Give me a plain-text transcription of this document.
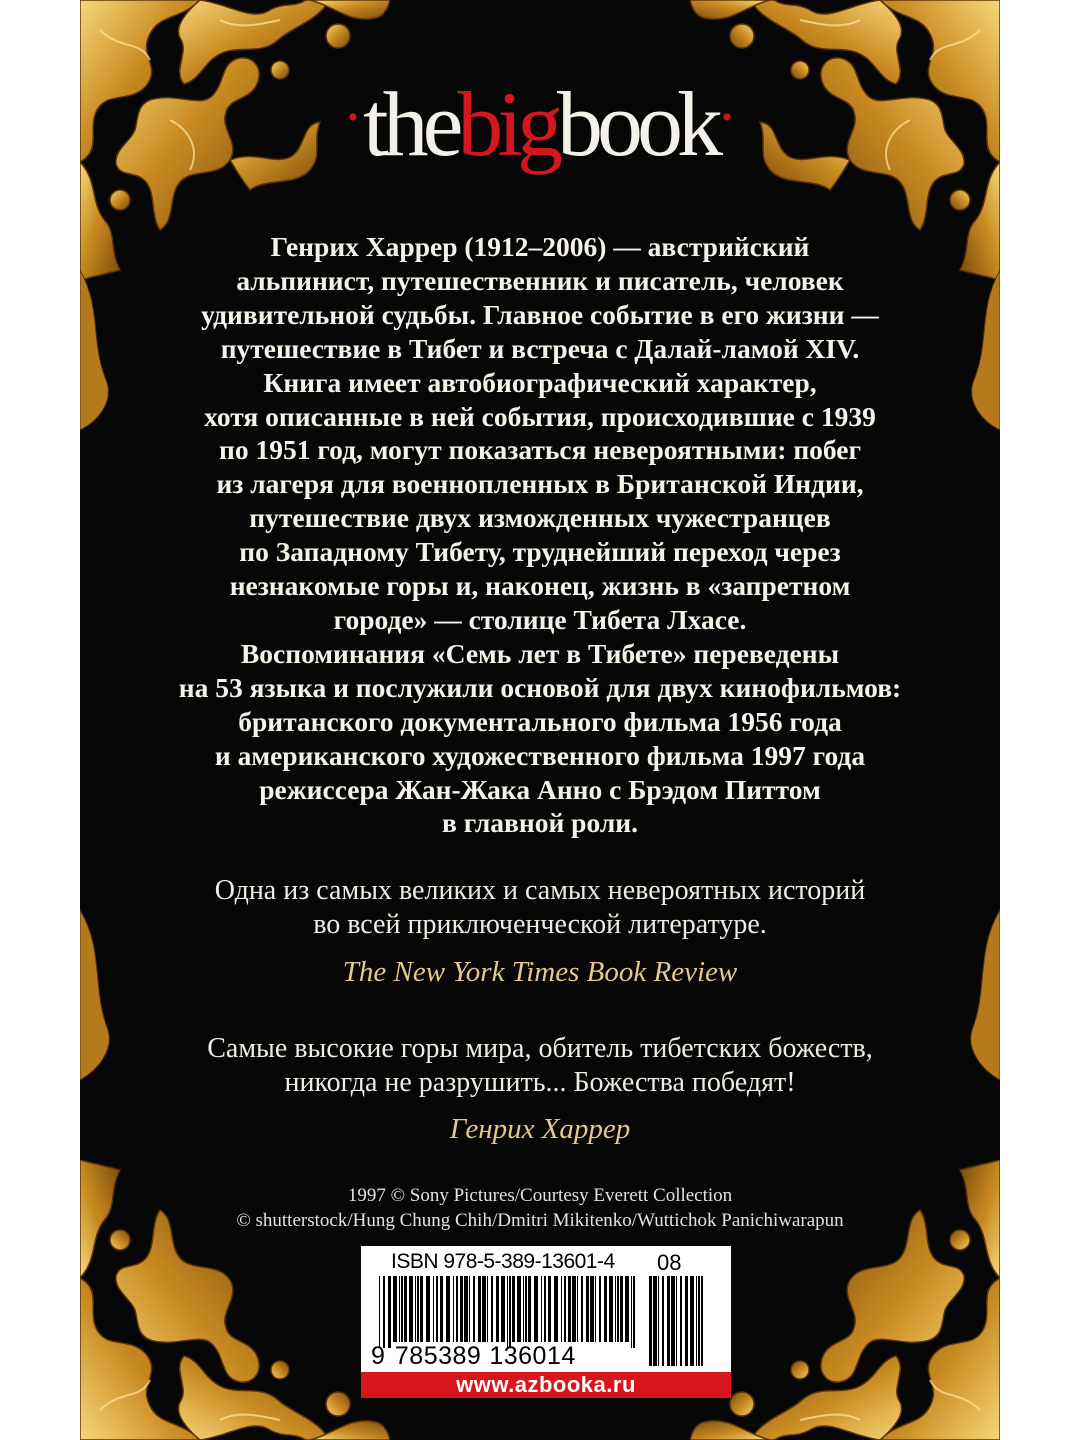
·thebigbook·

Генрих Харрер (1912–2006) — австрийский
альпинист, путешественник и писатель, человек
удивительной судьбы. Главное событие в его жизни —
путешествие в Тибет и встреча с Далай-ламой XIV.
Книга имеет автобиографический характер,
хотя описанные в ней события, происходившие с 1939
по 1951 год, могут показаться невероятными: побег
из лагеря для военнопленных в Британской Индии,
путешествие двух изможденных чужестранцев
по Западному Тибету, труднейший переход через
незнакомые горы и, наконец, жизнь в «запретном
городе» — столице Тибета Лхасе.
Воспоминания «Семь лет в Тибете» переведены
на 53 языка и послужили основой для двух кинофильмов:
британского документального фильма 1956 года
и американского художественного фильма 1997 года
режиссера Жан-Жака Анно с Брэдом Питтом
в главной роли.

Одна из самых великих и самых невероятных историй
во всей приключенческой литературе.

The New York Times Book Review

Самые высокие горы мира, обитель тибетских божеств,
никогда не разрушить... Божества победят!

Генрих Харрер
1997 © Sony Pictures/Courtesy Everett Collection
© shutterstock/Hung Chung Chih/Dmitri Mikitenko/Wuttichok Panichiwarapun
ISBN 978-5-389-13601-4 08
9 785389 136014
www.azbooka.ru
